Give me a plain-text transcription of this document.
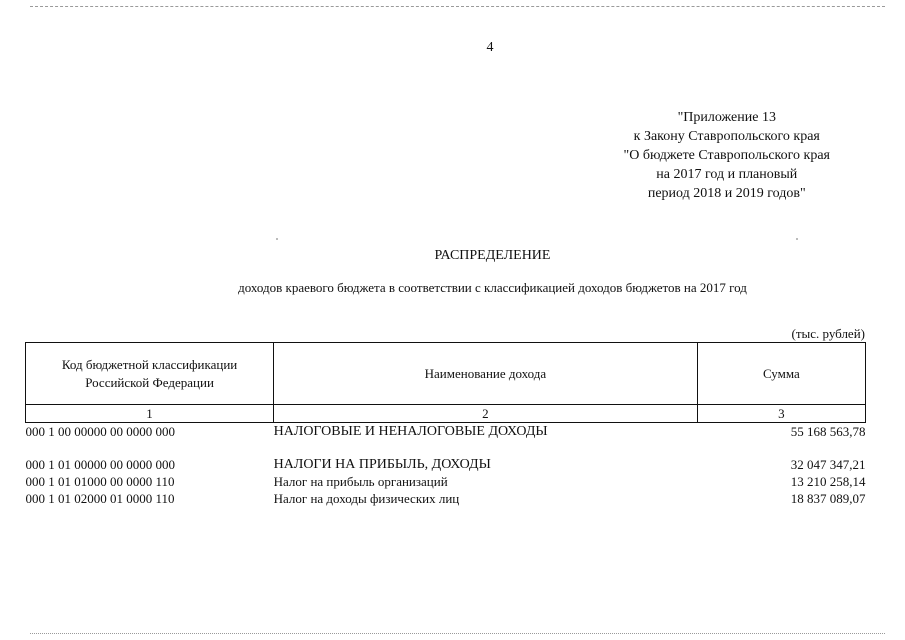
4
"Приложение 13
к Закону Ставропольского края
"О бюджете Ставропольского края
на 2017 год и плановый
период 2018 и 2019 годов"
РАСПРЕДЕЛЕНИЕ
доходов краевого бюджета в соответствии с классификацией доходов бюджетов на 2017 год
(тыс. рублей)
Код бюджетной классификации
Российской Федерации	Наименование дохода	Сумма
1	2	3
000 1 00 00000 00 0000 000	НАЛОГОВЫЕ И НЕНАЛОГОВЫЕ ДОХОДЫ	55 168 563,78

000 1 01 00000 00 0000 000	НАЛОГИ НА ПРИБЫЛЬ, ДОХОДЫ	32 047 347,21
000 1 01 01000 00 0000 110	Налог на прибыль организаций	13 210 258,14
000 1 01 02000 01 0000 110	Налог на доходы физических лиц	18 837 089,07
